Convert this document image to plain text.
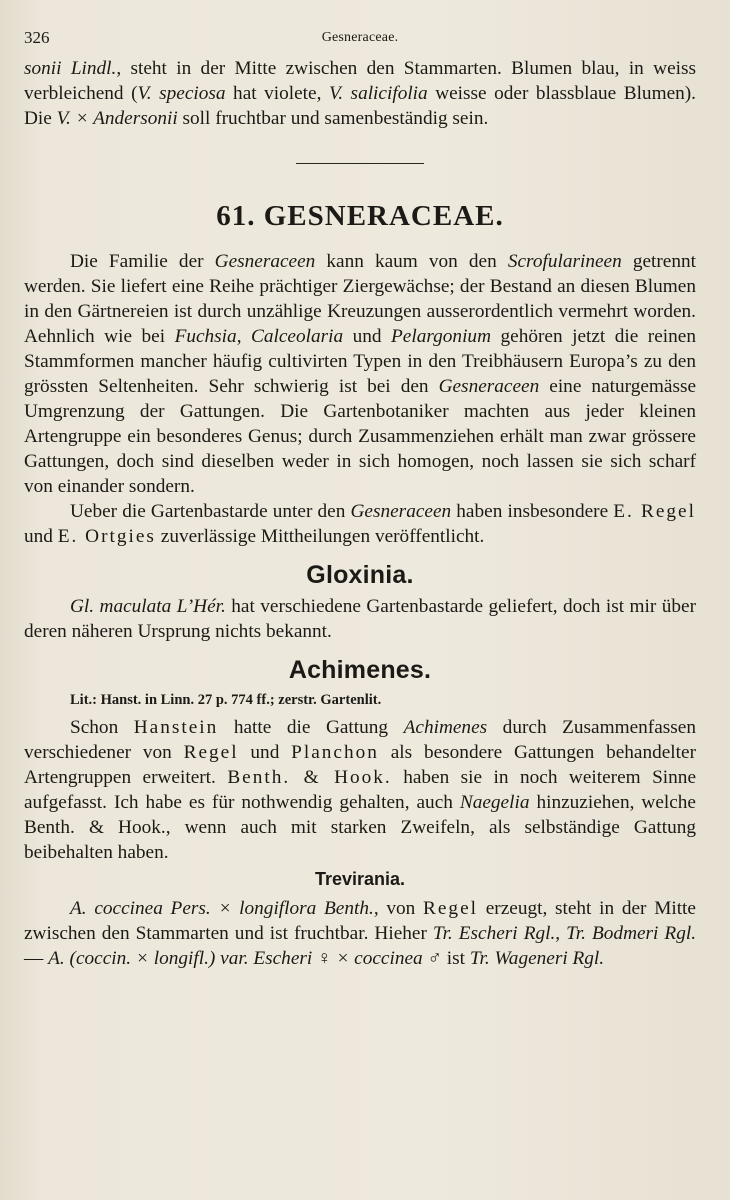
326	Gesneraceae.

sonii Lindl., steht in der Mitte zwischen den Stammarten. Blumen blau, in weiss verbleichend (V. speciosa hat violete, V. salicifolia weisse oder blassblaue Blumen). Die V. × Andersonii soll fruchtbar und samenbeständig sein.

61. GESNERACEAE.

Die Familie der Gesneraceen kann kaum von den Scrofularineen getrennt werden. Sie liefert eine Reihe prächtiger Ziergewächse; der Bestand an diesen Blumen in den Gärtnereien ist durch unzählige Kreuzungen ausserordentlich vermehrt worden. Aehnlich wie bei Fuchsia, Calceolaria und Pelargonium gehören jetzt die reinen Stammformen mancher häufig cultivirten Typen in den Treibhäusern Europa’s zu den grössten Seltenheiten. Sehr schwierig ist bei den Gesneraceen eine naturgemässe Umgrenzung der Gattungen. Die Gartenbotaniker machten aus jeder kleinen Artengruppe ein besonderes Genus; durch Zusammenziehen erhält man zwar grössere Gattungen, doch sind dieselben weder in sich homogen, noch lassen sie sich scharf von einander sondern.

Ueber die Gartenbastarde unter den Gesneraceen haben insbesondere E. Regel und E. Ortgies zuverlässige Mittheilungen veröffentlicht.

Gloxinia.

Gl. maculata L’Hér. hat verschiedene Gartenbastarde geliefert, doch ist mir über deren näheren Ursprung nichts bekannt.

Achimenes.
Lit.: Hanst. in Linn. 27 p. 774 ff.; zerstr. Gartenlit.

Schon Hanstein hatte die Gattung Achimenes durch Zusammenfassen verschiedener von Regel und Planchon als besondere Gattungen behandelter Artengruppen erweitert. Benth. & Hook. haben sie in noch weiterem Sinne aufgefasst. Ich habe es für nothwendig gehalten, auch Naegelia hinzuziehen, welche Benth. & Hook., wenn auch mit starken Zweifeln, als selbständige Gattung beibehalten haben.

Trevirania.

A. coccinea Pers. × longiflora Benth., von Regel erzeugt, steht in der Mitte zwischen den Stammarten und ist fruchtbar. Hieher Tr. Escheri Rgl., Tr. Bodmeri Rgl. — A. (coccin. × longifl.) var. Escheri ♀ × coccinea ♂ ist Tr. Wageneri Rgl.
